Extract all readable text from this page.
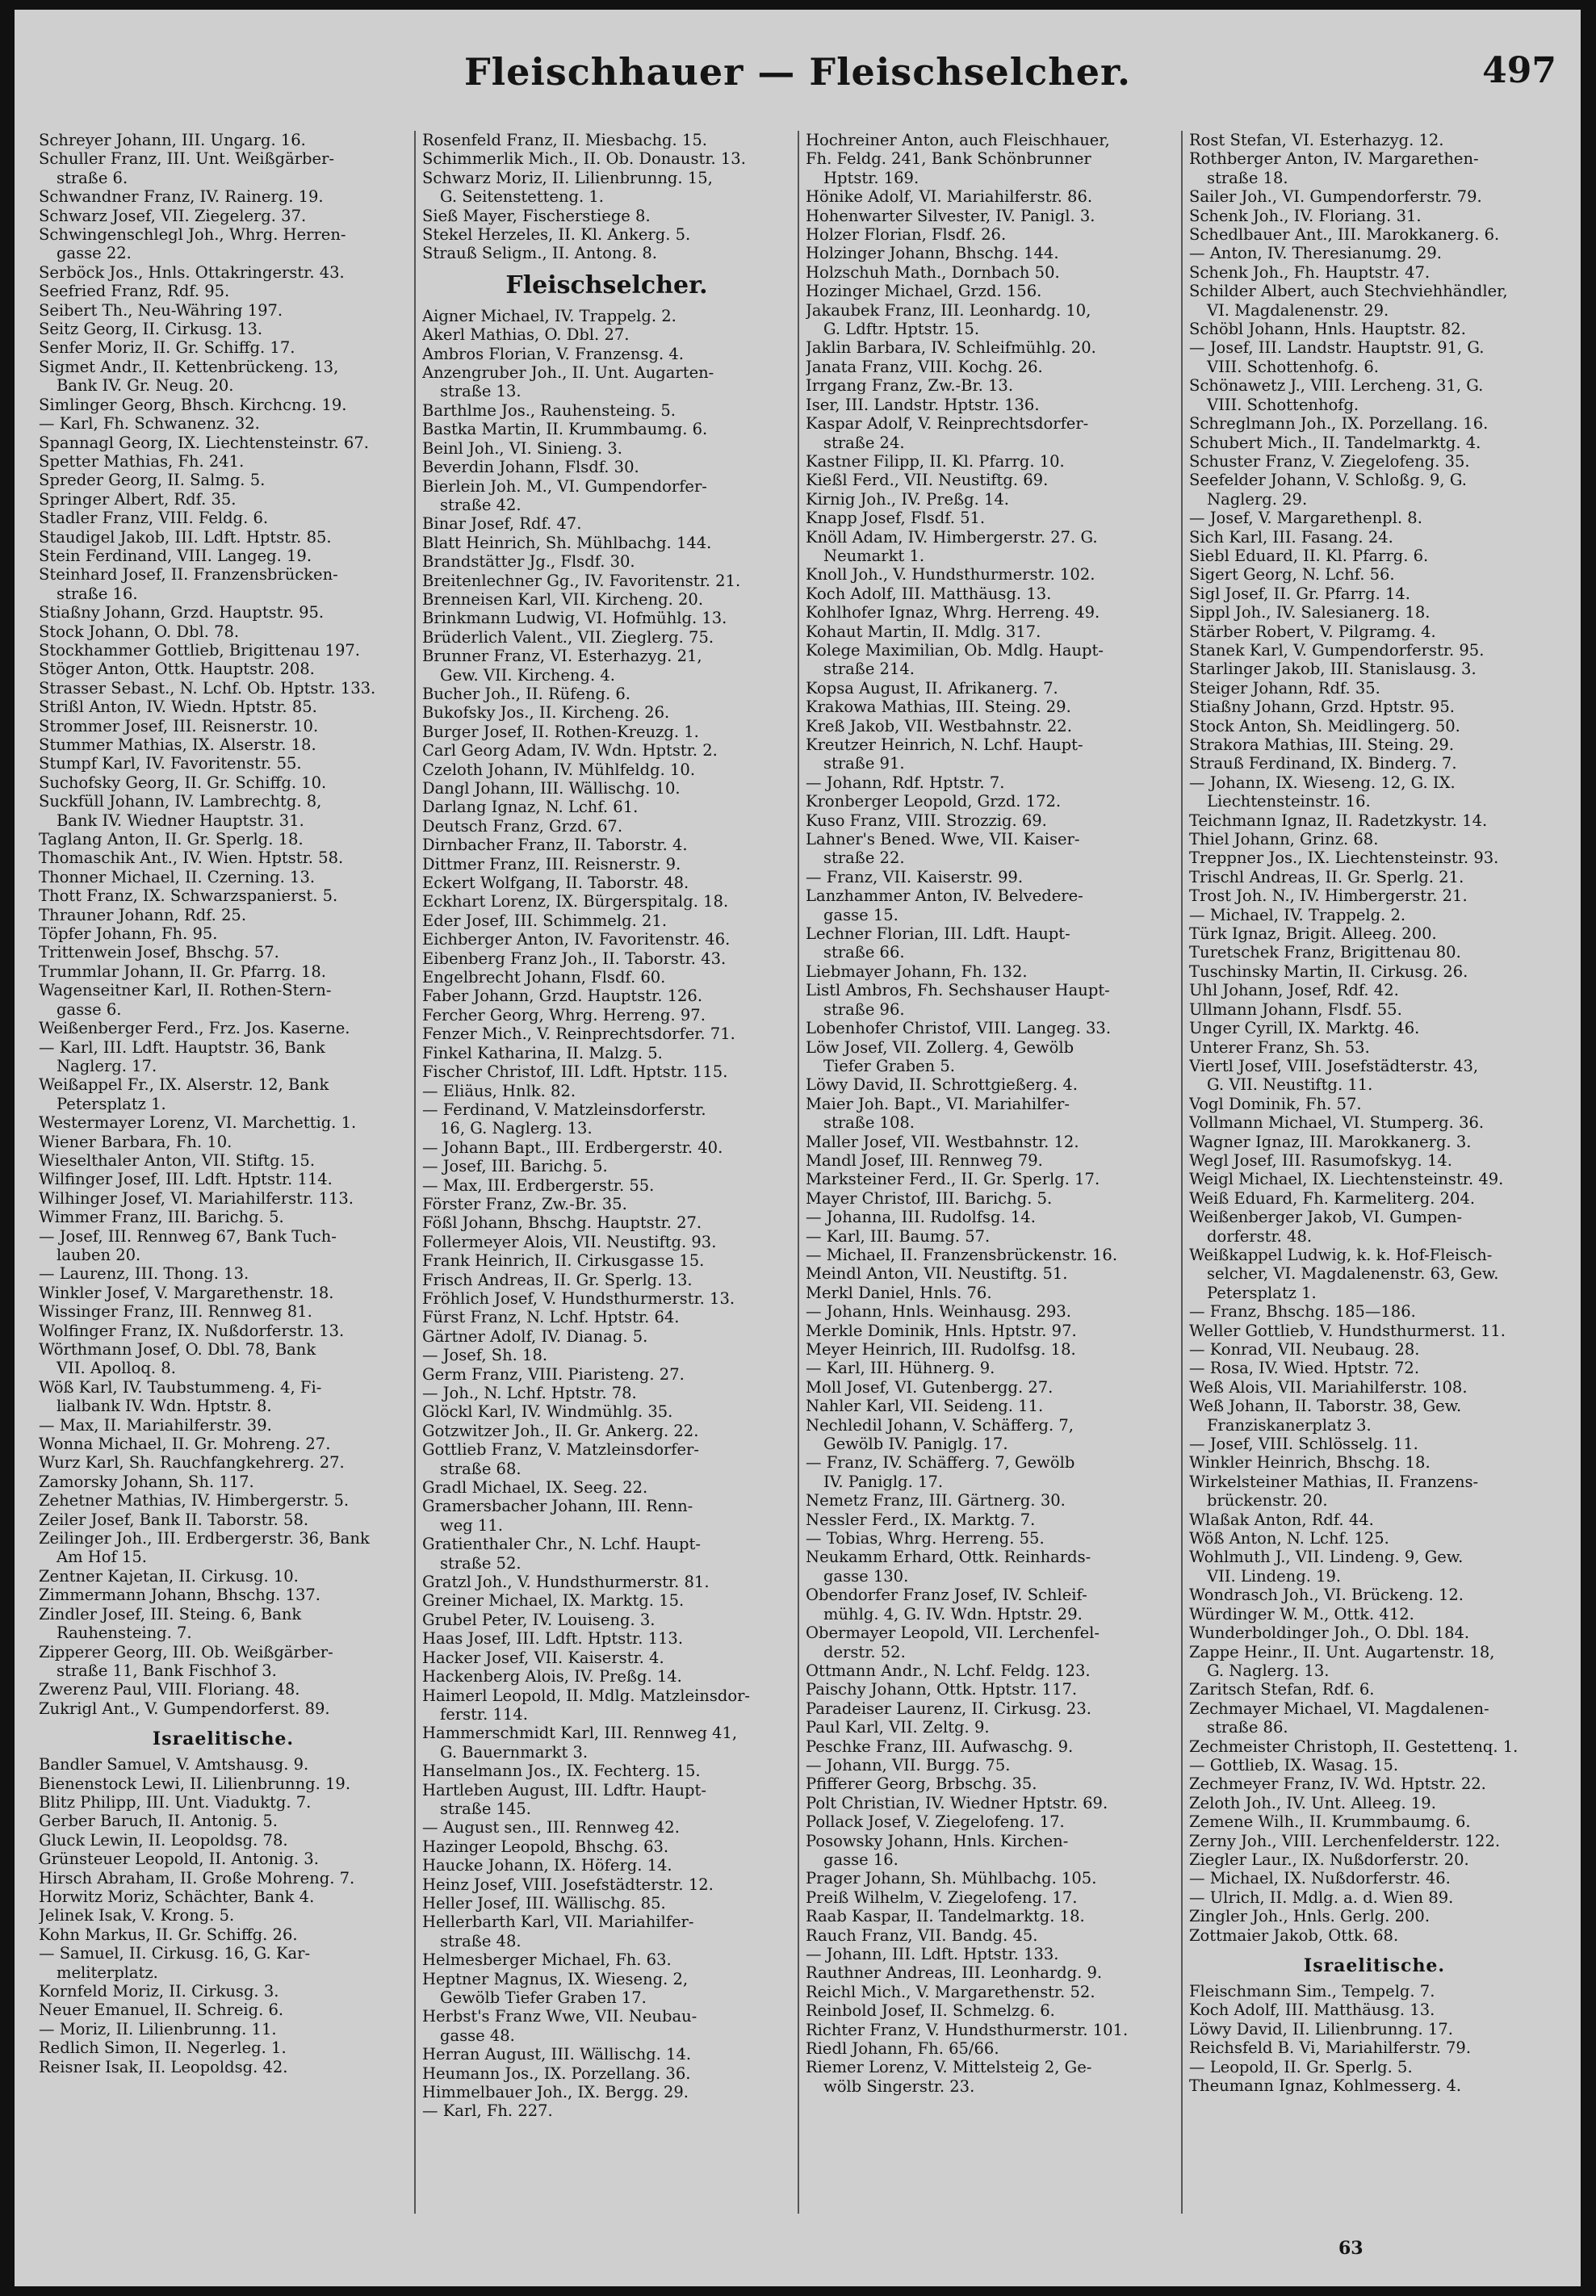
Fleischhauer — Fleischselcher.	497
Schreyer Johann, III. Ungarg. 16.
Schuller Franz, III. Unt. Weißgärber-
straße 6.
Schwandner Franz, IV. Rainerg. 19.
Schwarz Josef, VII. Ziegelerg. 37.
Schwingenschlegl Joh., Whrg. Herren-
gasse 22.
Serböck Jos., Hnls. Ottakringerstr. 43.
Seefried Franz, Rdf. 95.
Seibert Th., Neu-Währing 197.
Seitz Georg, II. Cirkusg. 13.
Senfer Moriz, II. Gr. Schiffg. 17.
Sigmet Andr., II. Kettenbrückeng. 13,
Bank IV. Gr. Neug. 20.
Simlinger Georg, Bhsch. Kirchcng. 19.
— Karl, Fh. Schwanenz. 32.
Spannagl Georg, IX. Liechtensteinstr. 67.
Spetter Mathias, Fh. 241.
Spreder Georg, II. Salmg. 5.
Springer Albert, Rdf. 35.
Stadler Franz, VIII. Feldg. 6.
Staudigel Jakob, III. Ldft. Hptstr. 85.
Stein Ferdinand, VIII. Langeg. 19.
Steinhard Josef, II. Franzensbrücken-
straße 16.
Stiaßny Johann, Grzd. Hauptstr. 95.
Stock Johann, O. Dbl. 78.
Stockhammer Gottlieb, Brigittenau 197.
Stöger Anton, Ottk. Hauptstr. 208.
Strasser Sebast., N. Lchf. Ob. Hptstr. 133.
Strißl Anton, IV. Wiedn. Hptstr. 85.
Strommer Josef, III. Reisnerstr. 10.
Stummer Mathias, IX. Alserstr. 18.
Stumpf Karl, IV. Favoritenstr. 55.
Suchofsky Georg, II. Gr. Schiffg. 10.
Suckfüll Johann, IV. Lambrechtg. 8,
Bank IV. Wiedner Hauptstr. 31.
Taglang Anton, II. Gr. Sperlg. 18.
Thomaschik Ant., IV. Wien. Hptstr. 58.
Thonner Michael, II. Czerning. 13.
Thott Franz, IX. Schwarzspanierst. 5.
Thrauner Johann, Rdf. 25.
Töpfer Johann, Fh. 95.
Trittenwein Josef, Bhschg. 57.
Trummlar Johann, II. Gr. Pfarrg. 18.
Wagenseitner Karl, II. Rothen-Stern-
gasse 6.
Weißenberger Ferd., Frz. Jos. Kaserne.
— Karl, III. Ldft. Hauptstr. 36, Bank
Naglerg. 17.
Weißappel Fr., IX. Alserstr. 12, Bank
Petersplatz 1.
Westermayer Lorenz, VI. Marchettig. 1.
Wiener Barbara, Fh. 10.
Wieselthaler Anton, VII. Stiftg. 15.
Wilfinger Josef, III. Ldft. Hptstr. 114.
Wilhinger Josef, VI. Mariahilferstr. 113.
Wimmer Franz, III. Barichg. 5.
— Josef, III. Rennweg 67, Bank Tuch-
lauben 20.
— Laurenz, III. Thong. 13.
Winkler Josef, V. Margarethenstr. 18.
Wissinger Franz, III. Rennweg 81.
Wolfinger Franz, IX. Nußdorferstr. 13.
Wörthmann Josef, O. Dbl. 78, Bank
VII. Apolloq. 8.
Wöß Karl, IV. Taubstummeng. 4, Fi-
lialbank IV. Wdn. Hptstr. 8.
— Max, II. Mariahilferstr. 39.
Wonna Michael, II. Gr. Mohreng. 27.
Wurz Karl, Sh. Rauchfangkehrerg. 27.
Zamorsky Johann, Sh. 117.
Zehetner Mathias, IV. Himbergerstr. 5.
Zeiler Josef, Bank II. Taborstr. 58.
Zeilinger Joh., III. Erdbergerstr. 36, Bank
Am Hof 15.
Zentner Kajetan, II. Cirkusg. 10.
Zimmermann Johann, Bhschg. 137.
Zindler Josef, III. Steing. 6, Bank
Rauhensteing. 7.
Zipperer Georg, III. Ob. Weißgärber-
straße 11, Bank Fischhof 3.
Zwerenz Paul, VIII. Floriang. 48.
Zukrigl Ant., V. Gumpendorferst. 89.
Israelitische.
Bandler Samuel, V. Amtshausg. 9.
Bienenstock Lewi, II. Lilienbrunng. 19.
Blitz Philipp, III. Unt. Viaduktg. 7.
Gerber Baruch, II. Antonig. 5.
Gluck Lewin, II. Leopoldsg. 78.
Grünsteuer Leopold, II. Antonig. 3.
Hirsch Abraham, II. Große Mohreng. 7.
Horwitz Moriz, Schächter, Bank 4.
Jelinek Isak, V. Krong. 5.
Kohn Markus, II. Gr. Schiffg. 26.
— Samuel, II. Cirkusg. 16, G. Kar-
meliterplatz.
Kornfeld Moriz, II. Cirkusg. 3.
Neuer Emanuel, II. Schreig. 6.
— Moriz, II. Lilienbrunng. 11.
Redlich Simon, II. Negerleg. 1.
Reisner Isak, II. Leopoldsg. 42.
Rosenfeld Franz, II. Miesbachg. 15.
Schimmerlik Mich., II. Ob. Donaustr. 13.
Schwarz Moriz, II. Lilienbrunng. 15,
G. Seitenstetteng. 1.
Sieß Mayer, Fischerstiege 8.
Stekel Herzeles, II. Kl. Ankerg. 5.
Strauß Seligm., II. Antong. 8.
Fleischselcher.
Aigner Michael, IV. Trappelg. 2.
Akerl Mathias, O. Dbl. 27.
Ambros Florian, V. Franzensg. 4.
Anzengruber Joh., II. Unt. Augarten-
straße 13.
Barthlme Jos., Rauhensteing. 5.
Bastka Martin, II. Krummbaumg. 6.
Beinl Joh., VI. Sinieng. 3.
Beverdin Johann, Flsdf. 30.
Bierlein Joh. M., VI. Gumpendorfer-
straße 42.
Binar Josef, Rdf. 47.
Blatt Heinrich, Sh. Mühlbachg. 144.
Brandstätter Jg., Flsdf. 30.
Breitenlechner Gg., IV. Favoritenstr. 21.
Brenneisen Karl, VII. Kircheng. 20.
Brinkmann Ludwig, VI. Hofmühlg. 13.
Brüderlich Valent., VII. Zieglerg. 75.
Brunner Franz, VI. Esterhazyg. 21,
Gew. VII. Kircheng. 4.
Bucher Joh., II. Rüfeng. 6.
Bukofsky Jos., II. Kircheng. 26.
Burger Josef, II. Rothen-Kreuzg. 1.
Carl Georg Adam, IV. Wdn. Hptstr. 2.
Czeloth Johann, IV. Mühlfeldg. 10.
Dangl Johann, III. Wällischg. 10.
Darlang Ignaz, N. Lchf. 61.
Deutsch Franz, Grzd. 67.
Dirnbacher Franz, II. Taborstr. 4.
Dittmer Franz, III. Reisnerstr. 9.
Eckert Wolfgang, II. Taborstr. 48.
Eckhart Lorenz, IX. Bürgerspitalg. 18.
Eder Josef, III. Schimmelg. 21.
Eichberger Anton, IV. Favoritenstr. 46.
Eibenberg Franz Joh., II. Taborstr. 43.
Engelbrecht Johann, Flsdf. 60.
Faber Johann, Grzd. Hauptstr. 126.
Fercher Georg, Whrg. Herreng. 97.
Fenzer Mich., V. Reinprechtsdorfer. 71.
Finkel Katharina, II. Malzg. 5.
Fischer Christof, III. Ldft. Hptstr. 115.
— Eliäus, Hnlk. 82.
— Ferdinand, V. Matzleinsdorferstr.
16, G. Naglerg. 13.
— Johann Bapt., III. Erdbergerstr. 40.
— Josef, III. Barichg. 5.
— Max, III. Erdbergerstr. 55.
Förster Franz, Zw.-Br. 35.
Fößl Johann, Bhschg. Hauptstr. 27.
Follermeyer Alois, VII. Neustiftg. 93.
Frank Heinrich, II. Cirkusgasse 15.
Frisch Andreas, II. Gr. Sperlg. 13.
Fröhlich Josef, V. Hundsthurmerstr. 13.
Fürst Franz, N. Lchf. Hptstr. 64.
Gärtner Adolf, IV. Dianag. 5.
— Josef, Sh. 18.
Germ Franz, VIII. Piaristeng. 27.
— Joh., N. Lchf. Hptstr. 78.
Glöckl Karl, IV. Windmühlg. 35.
Gotzwitzer Joh., II. Gr. Ankerg. 22.
Gottlieb Franz, V. Matzleinsdorfer-
straße 68.
Gradl Michael, IX. Seeg. 22.
Gramersbacher Johann, III. Renn-
weg 11.
Gratienthaler Chr., N. Lchf. Haupt-
straße 52.
Gratzl Joh., V. Hundsthurmerstr. 81.
Greiner Michael, IX. Marktg. 15.
Grubel Peter, IV. Louiseng. 3.
Haas Josef, III. Ldft. Hptstr. 113.
Hacker Josef, VII. Kaiserstr. 4.
Hackenberg Alois, IV. Preßg. 14.
Haimerl Leopold, II. Mdlg. Matzleinsdor-
ferstr. 114.
Hammerschmidt Karl, III. Rennweg 41,
G. Bauernmarkt 3.
Hanselmann Jos., IX. Fechterg. 15.
Hartleben August, III. Ldftr. Haupt-
straße 145.
— August sen., III. Rennweg 42.
Hazinger Leopold, Bhschg. 63.
Haucke Johann, IX. Höferg. 14.
Heinz Josef, VIII. Josefstädterstr. 12.
Heller Josef, III. Wällischg. 85.
Hellerbarth Karl, VII. Mariahilfer-
straße 48.
Helmesberger Michael, Fh. 63.
Heptner Magnus, IX. Wieseng. 2,
Gewölb Tiefer Graben 17.
Herbst's Franz Wwe, VII. Neubau-
gasse 48.
Herran August, III. Wällischg. 14.
Heumann Jos., IX. Porzellang. 36.
Himmelbauer Joh., IX. Bergg. 29.
— Karl, Fh. 227.
Hochreiner Anton, auch Fleischhauer,
Fh. Feldg. 241, Bank Schönbrunner
Hptstr. 169.
Hönike Adolf, VI. Mariahilferstr. 86.
Hohenwarter Silvester, IV. Panigl. 3.
Holzer Florian, Flsdf. 26.
Holzinger Johann, Bhschg. 144.
Holzschuh Math., Dornbach 50.
Hozinger Michael, Grzd. 156.
Jakaubek Franz, III. Leonhardg. 10,
G. Ldftr. Hptstr. 15.
Jaklin Barbara, IV. Schleifmühlg. 20.
Janata Franz, VIII. Kochg. 26.
Irrgang Franz, Zw.-Br. 13.
Iser, III. Landstr. Hptstr. 136.
Kaspar Adolf, V. Reinprechtsdorfer-
straße 24.
Kastner Filipp, II. Kl. Pfarrg. 10.
Kießl Ferd., VII. Neustiftg. 69.
Kirnig Joh., IV. Preßg. 14.
Knapp Josef, Flsdf. 51.
Knöll Adam, IV. Himbergerstr. 27. G.
Neumarkt 1.
Knoll Joh., V. Hundsthurmerstr. 102.
Koch Adolf, III. Matthäusg. 13.
Kohlhofer Ignaz, Whrg. Herreng. 49.
Kohaut Martin, II. Mdlg. 317.
Kolege Maximilian, Ob. Mdlg. Haupt-
straße 214.
Kopsa August, II. Afrikanerg. 7.
Krakowa Mathias, III. Steing. 29.
Kreß Jakob, VII. Westbahnstr. 22.
Kreutzer Heinrich, N. Lchf. Haupt-
straße 91.
— Johann, Rdf. Hptstr. 7.
Kronberger Leopold, Grzd. 172.
Kuso Franz, VIII. Strozzig. 69.
Lahner's Bened. Wwe, VII. Kaiser-
straße 22.
— Franz, VII. Kaiserstr. 99.
Lanzhammer Anton, IV. Belvedere-
gasse 15.
Lechner Florian, III. Ldft. Haupt-
straße 66.
Liebmayer Johann, Fh. 132.
Listl Ambros, Fh. Sechshauser Haupt-
straße 96.
Lobenhofer Christof, VIII. Langeg. 33.
Löw Josef, VII. Zollerg. 4, Gewölb
Tiefer Graben 5.
Löwy David, II. Schrottgießerg. 4.
Maier Joh. Bapt., VI. Mariahilfer-
straße 108.
Maller Josef, VII. Westbahnstr. 12.
Mandl Josef, III. Rennweg 79.
Marksteiner Ferd., II. Gr. Sperlg. 17.
Mayer Christof, III. Barichg. 5.
— Johanna, III. Rudolfsg. 14.
— Karl, III. Baumg. 57.
— Michael, II. Franzensbrückenstr. 16.
Meindl Anton, VII. Neustiftg. 51.
Merkl Daniel, Hnls. 76.
— Johann, Hnls. Weinhausg. 293.
Merkle Dominik, Hnls. Hptstr. 97.
Meyer Heinrich, III. Rudolfsg. 18.
— Karl, III. Hühnerg. 9.
Moll Josef, VI. Gutenbergg. 27.
Nahler Karl, VII. Seideng. 11.
Nechledil Johann, V. Schäfferg. 7,
Gewölb IV. Paniglg. 17.
— Franz, IV. Schäfferg. 7, Gewölb
IV. Paniglg. 17.
Nemetz Franz, III. Gärtnerg. 30.
Nessler Ferd., IX. Marktg. 7.
— Tobias, Whrg. Herreng. 55.
Neukamm Erhard, Ottk. Reinhards-
gasse 130.
Obendorfer Franz Josef, IV. Schleif-
mühlg. 4, G. IV. Wdn. Hptstr. 29.
Obermayer Leopold, VII. Lerchenfel-
derstr. 52.
Ottmann Andr., N. Lchf. Feldg. 123.
Paischy Johann, Ottk. Hptstr. 117.
Paradeiser Laurenz, II. Cirkusg. 23.
Paul Karl, VII. Zeltg. 9.
Peschke Franz, III. Aufwaschg. 9.
— Johann, VII. Burgg. 75.
Pfifferer Georg, Brbschg. 35.
Polt Christian, IV. Wiedner Hptstr. 69.
Pollack Josef, V. Ziegelofeng. 17.
Posowsky Johann, Hnls. Kirchen-
gasse 16.
Prager Johann, Sh. Mühlbachg. 105.
Preiß Wilhelm, V. Ziegelofeng. 17.
Raab Kaspar, II. Tandelmarktg. 18.
Rauch Franz, VII. Bandg. 45.
— Johann, III. Ldft. Hptstr. 133.
Rauthner Andreas, III. Leonhardg. 9.
Reichl Mich., V. Margarethenstr. 52.
Reinbold Josef, II. Schmelzg. 6.
Richter Franz, V. Hundsthurmerstr. 101.
Riedl Johann, Fh. 65/66.
Riemer Lorenz, V. Mittelsteig 2, Ge-
wölb Singerstr. 23.
Rost Stefan, VI. Esterhazyg. 12.
Rothberger Anton, IV. Margarethen-
straße 18.
Sailer Joh., VI. Gumpendorferstr. 79.
Schenk Joh., IV. Floriang. 31.
Schedlbauer Ant., III. Marokkanerg. 6.
— Anton, IV. Theresianumg. 29.
Schenk Joh., Fh. Hauptstr. 47.
Schilder Albert, auch Stechviehhändler,
VI. Magdalenenstr. 29.
Schöbl Johann, Hnls. Hauptstr. 82.
— Josef, III. Landstr. Hauptstr. 91, G.
VIII. Schottenhofg. 6.
Schönawetz J., VIII. Lercheng. 31, G.
VIII. Schottenhofg.
Schreglmann Joh., IX. Porzellang. 16.
Schubert Mich., II. Tandelmarktg. 4.
Schuster Franz, V. Ziegelofeng. 35.
Seefelder Johann, V. Schloßg. 9, G.
Naglerg. 29.
— Josef, V. Margarethenpl. 8.
Sich Karl, III. Fasang. 24.
Siebl Eduard, II. Kl. Pfarrg. 6.
Sigert Georg, N. Lchf. 56.
Sigl Josef, II. Gr. Pfarrg. 14.
Sippl Joh., IV. Salesianerg. 18.
Stärber Robert, V. Pilgramg. 4.
Stanek Karl, V. Gumpendorferstr. 95.
Starlinger Jakob, III. Stanislausg. 3.
Steiger Johann, Rdf. 35.
Stiaßny Johann, Grzd. Hptstr. 95.
Stock Anton, Sh. Meidlingerg. 50.
Strakora Mathias, III. Steing. 29.
Strauß Ferdinand, IX. Binderg. 7.
— Johann, IX. Wieseng. 12, G. IX.
Liechtensteinstr. 16.
Teichmann Ignaz, II. Radetzkystr. 14.
Thiel Johann, Grinz. 68.
Treppner Jos., IX. Liechtensteinstr. 93.
Trischl Andreas, II. Gr. Sperlg. 21.
Trost Joh. N., IV. Himbergerstr. 21.
— Michael, IV. Trappelg. 2.
Türk Ignaz, Brigit. Alleeg. 200.
Turetschek Franz, Brigittenau 80.
Tuschinsky Martin, II. Cirkusg. 26.
Uhl Johann, Josef, Rdf. 42.
Ullmann Johann, Flsdf. 55.
Unger Cyrill, IX. Marktg. 46.
Unterer Franz, Sh. 53.
Viertl Josef, VIII. Josefstädterstr. 43,
G. VII. Neustiftg. 11.
Vogl Dominik, Fh. 57.
Vollmann Michael, VI. Stumperg. 36.
Wagner Ignaz, III. Marokkanerg. 3.
Wegl Josef, III. Rasumofskyg. 14.
Weigl Michael, IX. Liechtensteinstr. 49.
Weiß Eduard, Fh. Karmeliterg. 204.
Weißenberger Jakob, VI. Gumpen-
dorferstr. 48.
Weißkappel Ludwig, k. k. Hof-Fleisch-
selcher, VI. Magdalenenstr. 63, Gew.
Petersplatz 1.
— Franz, Bhschg. 185—186.
Weller Gottlieb, V. Hundsthurmerst. 11.
— Konrad, VII. Neubaug. 28.
— Rosa, IV. Wied. Hptstr. 72.
Weß Alois, VII. Mariahilferstr. 108.
Weß Johann, II. Taborstr. 38, Gew.
Franziskanerplatz 3.
— Josef, VIII. Schlösselg. 11.
Winkler Heinrich, Bhschg. 18.
Wirkelsteiner Mathias, II. Franzens-
brückenstr. 20.
Wlaßak Anton, Rdf. 44.
Wöß Anton, N. Lchf. 125.
Wohlmuth J., VII. Lindeng. 9, Gew.
VII. Lindeng. 19.
Wondrasch Joh., VI. Brückeng. 12.
Würdinger W. M., Ottk. 412.
Wunderboldinger Joh., O. Dbl. 184.
Zappe Heinr., II. Unt. Augartenstr. 18,
G. Naglerg. 13.
Zaritsch Stefan, Rdf. 6.
Zechmayer Michael, VI. Magdalenen-
straße 86.
Zechmeister Christoph, II. Gestettenq. 1.
— Gottlieb, IX. Wasag. 15.
Zechmeyer Franz, IV. Wd. Hptstr. 22.
Zeloth Joh., IV. Unt. Alleeg. 19.
Zemene Wilh., II. Krummbaumg. 6.
Zerny Joh., VIII. Lerchenfelderstr. 122.
Ziegler Laur., IX. Nußdorferstr. 20.
— Michael, IX. Nußdorferstr. 46.
— Ulrich, II. Mdlg. a. d. Wien 89.
Zingler Joh., Hnls. Gerlg. 200.
Zottmaier Jakob, Ottk. 68.
Israelitische.
Fleischmann Sim., Tempelg. 7.
Koch Adolf, III. Matthäusg. 13.
Löwy David, II. Lilienbrunng. 17.
Reichsfeld B. Vi, Mariahilferstr. 79.
— Leopold, II. Gr. Sperlg. 5.
Theumann Ignaz, Kohlmesserg. 4.
63
